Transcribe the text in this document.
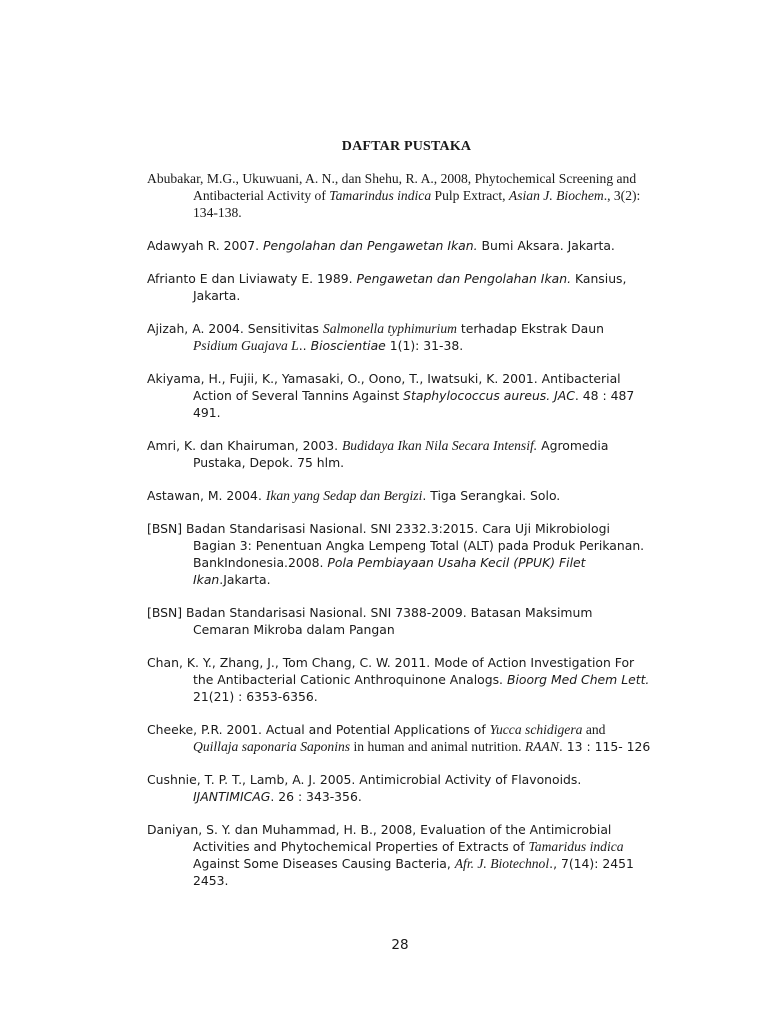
DAFTAR PUSTAKA

Abubakar, M.G., Ukuwuani, A. N., dan Shehu, R. A., 2008, Phytochemical Screening and Antibacterial Activity of Tamarindus indica Pulp Extract, Asian J. Biochem., 3(2): 134-138.

Adawyah R. 2007. Pengolahan dan Pengawetan Ikan. Bumi Aksara. Jakarta.

Afrianto E dan Liviawaty E. 1989. Pengawetan dan Pengolahan Ikan. Kansius, Jakarta.

Ajizah, A. 2004. Sensitivitas Salmonella typhimurium terhadap Ekstrak Daun Psidium Guajava L.. Bioscientiae 1(1): 31-38.

Akiyama, H., Fujii, K., Yamasaki, O., Oono, T., Iwatsuki, K. 2001. Antibacterial Action of Several Tannins Against Staphylococcus aureus. JAC. 48 : 487 491.

Amri, K. dan Khairuman, 2003. Budidaya Ikan Nila Secara Intensif. Agromedia Pustaka, Depok. 75 hlm.

Astawan, M. 2004. Ikan yang Sedap dan Bergizi. Tiga Serangkai. Solo.

[BSN] Badan Standarisasi Nasional. SNI 2332.3:2015. Cara Uji Mikrobiologi Bagian 3: Penentuan Angka Lempeng Total (ALT) pada Produk Perikanan. BankIndonesia.2008. Pola Pembiayaan Usaha Kecil (PPUK) Filet Ikan.Jakarta.

[BSN] Badan Standarisasi Nasional. SNI 7388-2009. Batasan Maksimum Cemaran Mikroba dalam Pangan

Chan, K. Y., Zhang, J., Tom Chang, C. W. 2011. Mode of Action Investigation For the Antibacterial Cationic Anthroquinone Analogs. Bioorg Med Chem Lett. 21(21) : 6353-6356.

Cheeke, P.R. 2001. Actual and Potential Applications of Yucca schidigera and Quillaja saponaria Saponins in human and animal nutrition. RAAN. 13 : 115- 126

Cushnie, T. P. T., Lamb, A. J. 2005. Antimicrobial Activity of Flavonoids. IJANTIMICAG. 26 : 343-356.

Daniyan, S. Y. dan Muhammad, H. B., 2008, Evaluation of the Antimicrobial Activities and Phytochemical Properties of Extracts of Tamaridus indica Against Some Diseases Causing Bacteria, Afr. J. Biotechnol., 7(14): 2451 2453.

28
